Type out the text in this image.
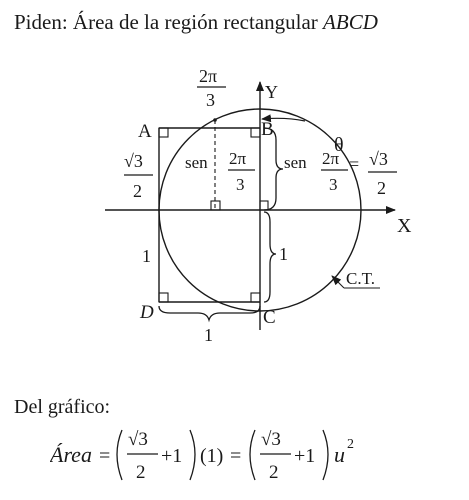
Piden: Área de la región rectangular ABCD
Y
X
A	B
D	C
2π
3
θ
√3
2
sen 2π
3
sen 2π
3
= √3
2
1	1
C.T.
1
Del gráfico:
Área =
√3
2
+1 (1) =
√3
2
+1 u 2
